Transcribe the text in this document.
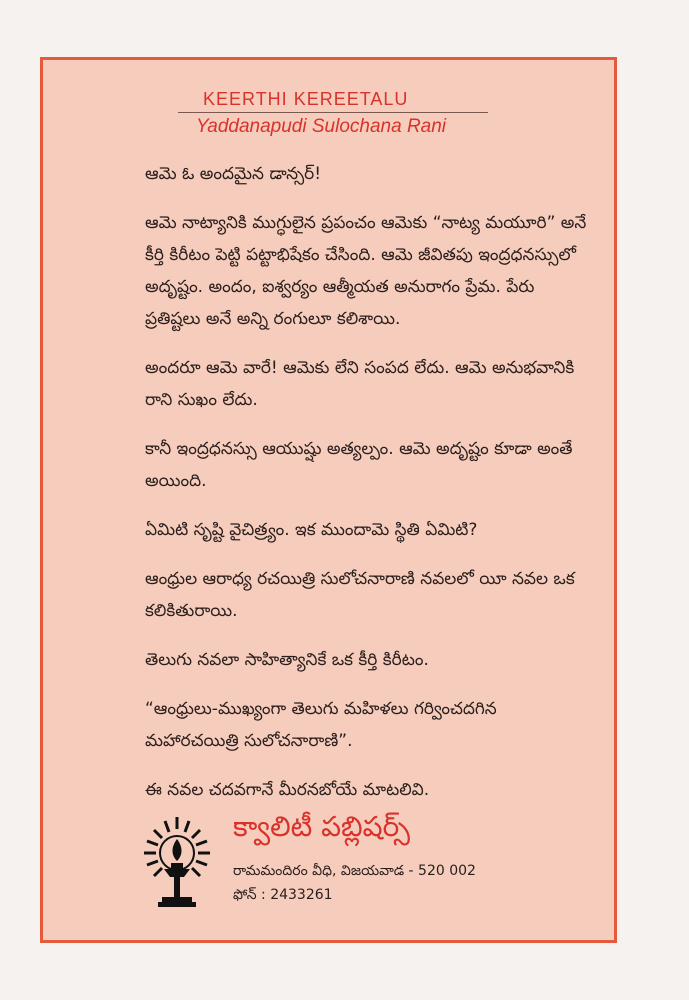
KEERTHI KEREETALU
Yaddanapudi Sulochana Rani

ఆమె ఓ అందమైన డాన్సర్!

ఆమె నాట్యానికి ముగ్ధులైన ప్రపంచం ఆమెకు “నాట్య మయూరి” అనే కీర్తి కిరీటం పెట్టి పట్టాభిషేకం చేసింది. ఆమె జీవితపు ఇంద్రధనస్సులో అదృష్టం. అందం, ఐశ్వర్యం ఆత్మీయత అనురాగం ప్రేమ. పేరు ప్రతిష్టలు అనే అన్ని రంగులూ కలిశాయి.

అందరూ ఆమె వారే! ఆమెకు లేని సంపద లేదు. ఆమె అనుభవానికి రాని సుఖం లేదు.

కానీ ఇంద్రధనస్సు ఆయుష్షు అత్యల్పం. ఆమె అదృష్టం కూడా అంతే అయింది.

ఏమిటి సృష్టి వైచిత్ర్యం. ఇక ముందామె స్థితి ఏమిటి?

ఆంధ్రుల ఆరాధ్య రచయిత్రి సులోచనారాణి నవలలో యీ నవల ఒక కలికితురాయి.

తెలుగు నవలా సాహిత్యానికే ఒక కీర్తి కిరీటం.

“ఆంధ్రులు-ముఖ్యంగా తెలుగు మహిళలు గర్వించదగిన మహారచయిత్రి సులోచనారాణి”.

ఈ నవల చదవగానే మీరనబోయే మాటలివి.

క్వాలిటీ పబ్లిషర్స్
రామమందిరం వీధి, విజయవాడ - 520 002
ఫోన్ : 2433261
